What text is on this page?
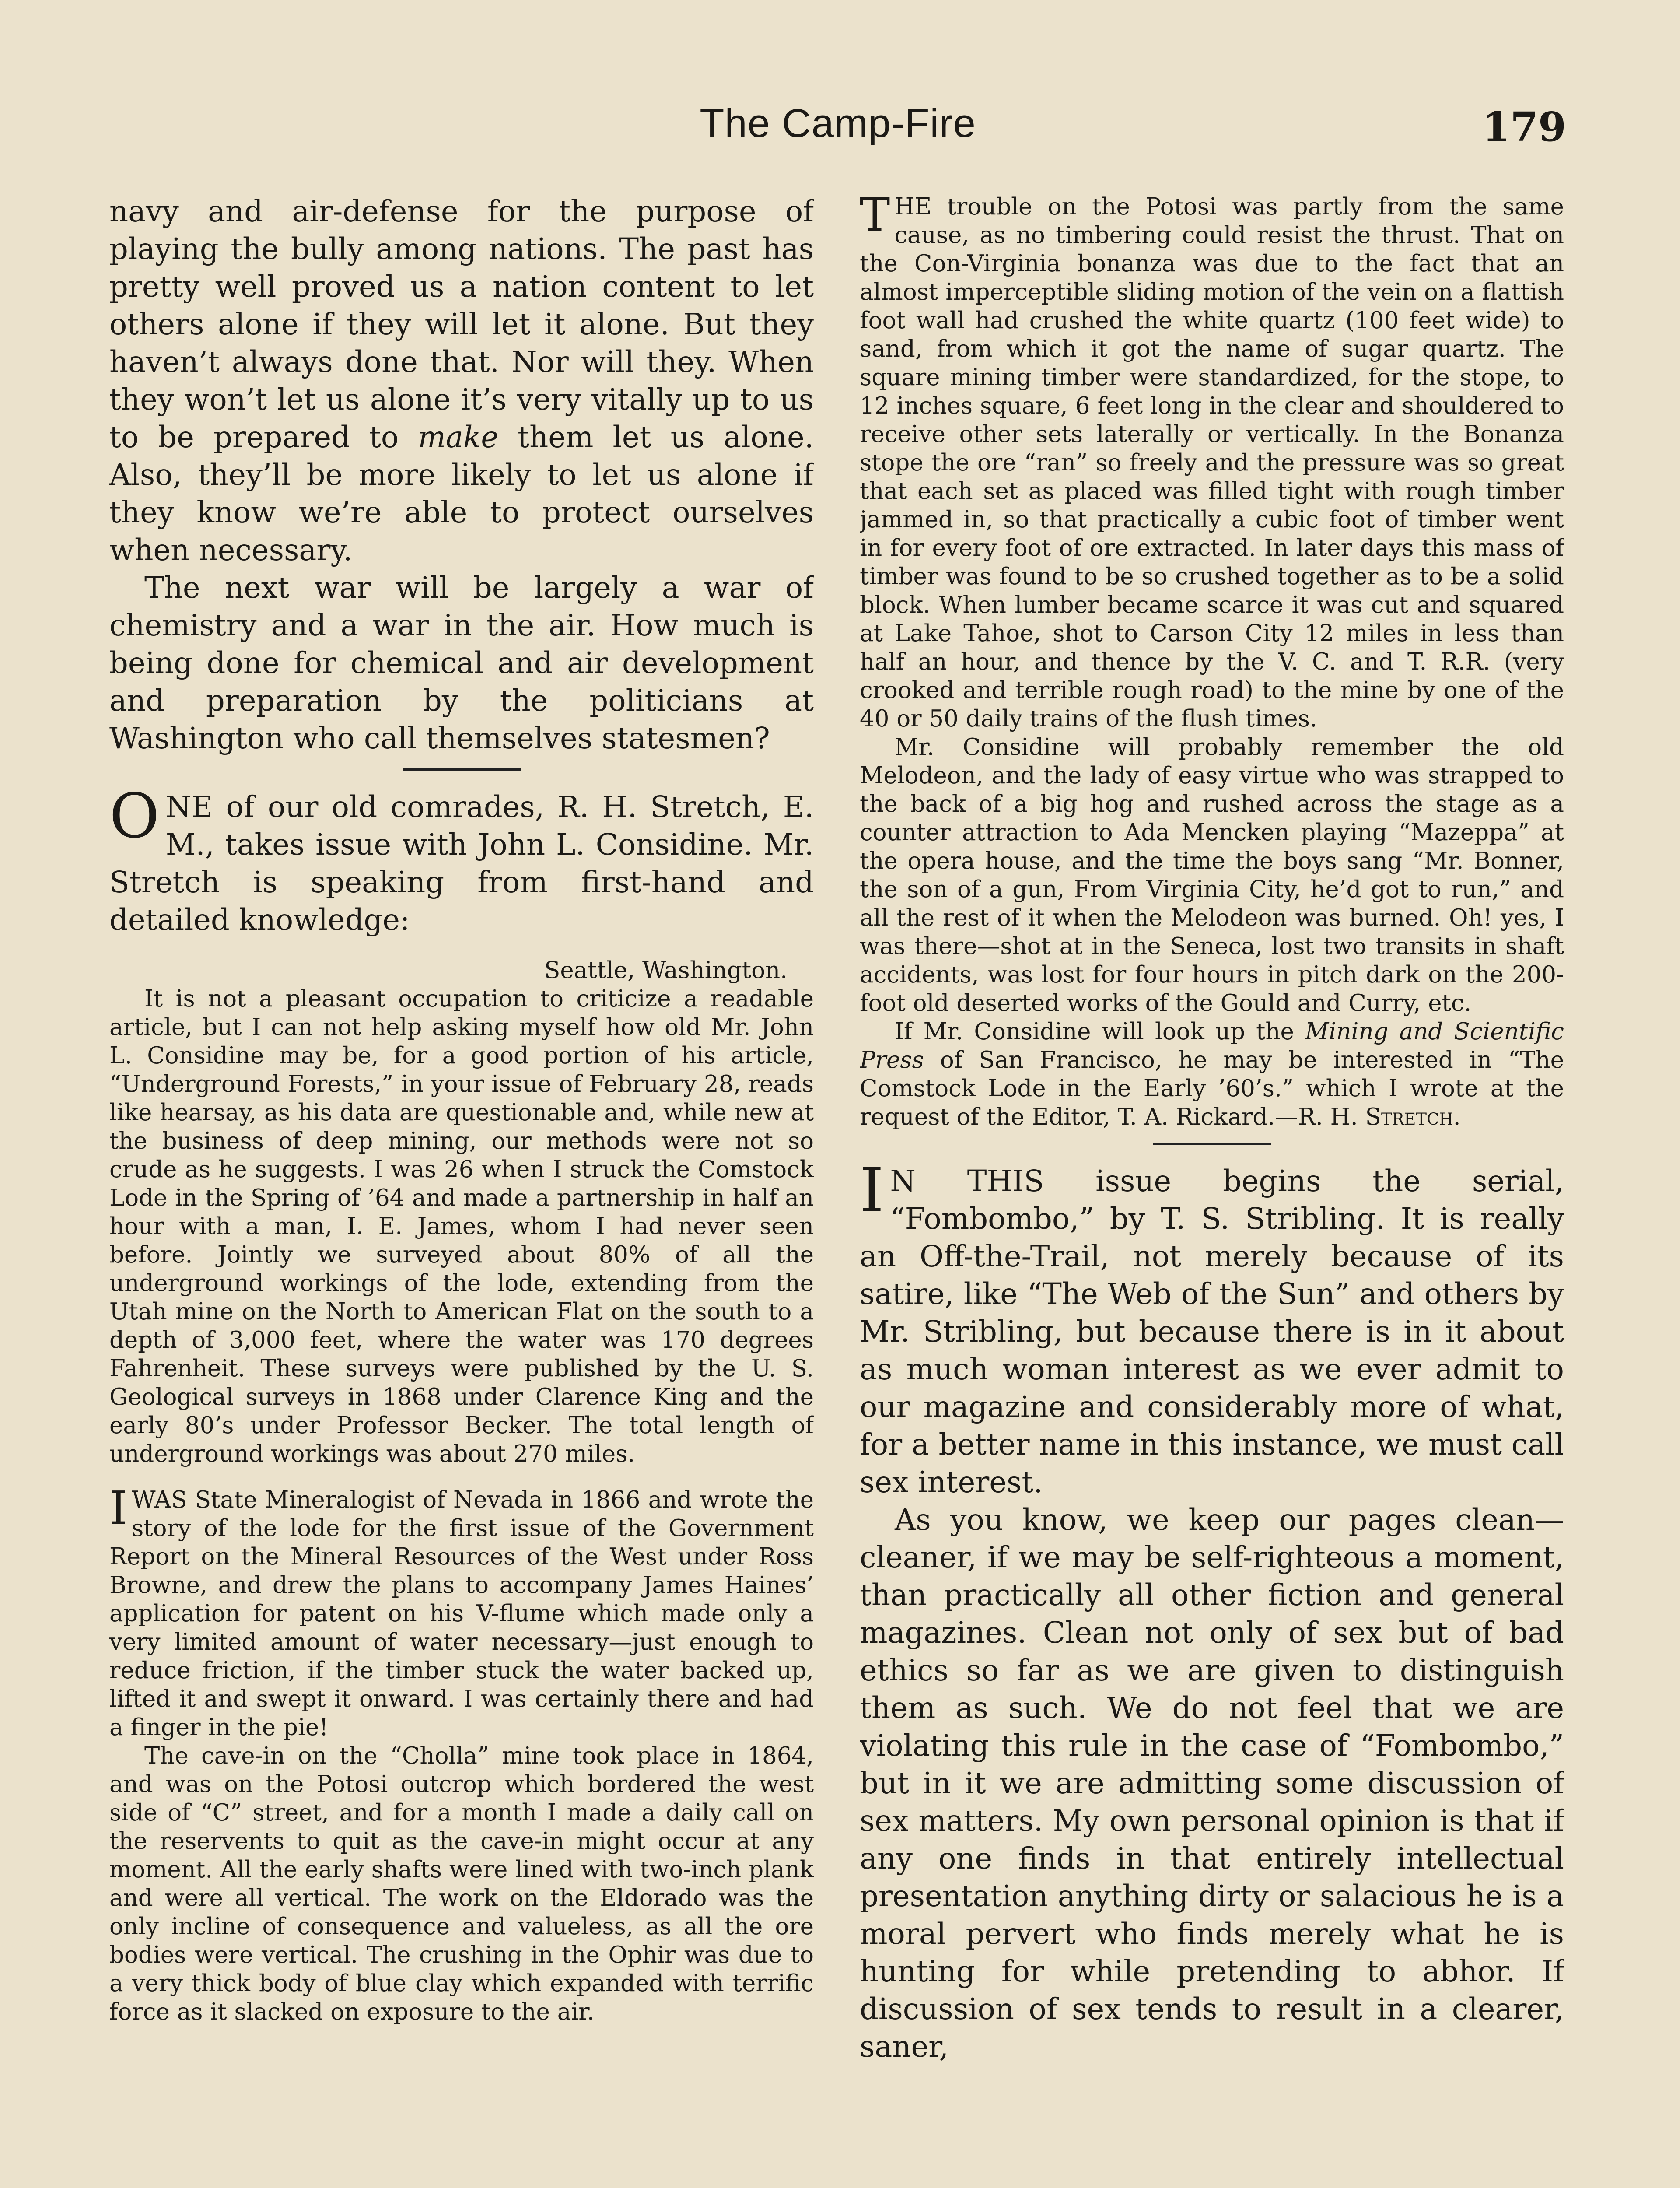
The Camp-Fire	179

navy and air-defense for the purpose of playing the bully among nations. The past has pretty well proved us a nation content to let others alone if they will let it alone. But they haven’t always done that. Nor will they. When they won’t let us alone it’s very vitally up to us to be prepared to make them let us alone. Also, they’ll be more likely to let us alone if they know we’re able to protect ourselves when necessary.

The next war will be largely a war of chemistry and a war in the air. How much is being done for chemical and air development and preparation by the politicians at Washington who call themselves statesmen?

ONE of our old comrades, R. H. Stretch, E. M., takes issue with John L. Considine. Mr. Stretch is speaking from first-hand and detailed knowledge:

Seattle, Washington.

It is not a pleasant occupation to criticize a readable article, but I can not help asking myself how old Mr. John L. Considine may be, for a good portion of his article, “Underground Forests,” in your issue of February 28, reads like hearsay, as his data are questionable and, while new at the business of deep mining, our methods were not so crude as he suggests. I was 26 when I struck the Comstock Lode in the Spring of ’64 and made a partnership in half an hour with a man, I. E. James, whom I had never seen before. Jointly we surveyed about 80% of all the underground workings of the lode, extending from the Utah mine on the North to American Flat on the south to a depth of 3,000 feet, where the water was 170 degrees Fahrenheit. These surveys were published by the U. S. Geological surveys in 1868 under Clarence King and the early 80’s under Professor Becker. The total length of underground workings was about 270 miles.

I WAS State Mineralogist of Nevada in 1866 and wrote the story of the lode for the first issue of the Government Report on the Mineral Resources of the West under Ross Browne, and drew the plans to accompany James Haines’ application for patent on his V-flume which made only a very limited amount of water necessary—just enough to reduce friction, if the timber stuck the water backed up, lifted it and swept it onward. I was certainly there and had a finger in the pie!

The cave-in on the “Cholla” mine took place in 1864, and was on the Potosi outcrop which bordered the west side of “C” street, and for a month I made a daily call on the reservents to quit as the cave-in might occur at any moment. All the early shafts were lined with two-inch plank and were all vertical. The work on the Eldorado was the only incline of consequence and valueless, as all the ore bodies were vertical. The crushing in the Ophir was due to a very thick body of blue clay which expanded with terrific force as it slacked on exposure to the air.

THE trouble on the Potosi was partly from the same cause, as no timbering could resist the thrust. That on the Con-Virginia bonanza was due to the fact that an almost imperceptible sliding motion of the vein on a flattish foot wall had crushed the white quartz (100 feet wide) to sand, from which it got the name of sugar quartz. The square mining timber were standardized, for the stope, to 12 inches square, 6 feet long in the clear and shouldered to receive other sets laterally or vertically. In the Bonanza stope the ore “ran” so freely and the pressure was so great that each set as placed was filled tight with rough timber jammed in, so that practically a cubic foot of timber went in for every foot of ore extracted. In later days this mass of timber was found to be so crushed together as to be a solid block. When lumber became scarce it was cut and squared at Lake Tahoe, shot to Carson City 12 miles in less than half an hour, and thence by the V. C. and T. R.R. (very crooked and terrible rough road) to the mine by one of the 40 or 50 daily trains of the flush times.

Mr. Considine will probably remember the old Melodeon, and the lady of easy virtue who was strapped to the back of a big hog and rushed across the stage as a counter attraction to Ada Mencken playing “Mazeppa” at the opera house, and the time the boys sang “Mr. Bonner, the son of a gun, From Virginia City, he’d got to run,” and all the rest of it when the Melodeon was burned. Oh! yes, I was there—shot at in the Seneca, lost two transits in shaft accidents, was lost for four hours in pitch dark on the 200-foot old deserted works of the Gould and Curry, etc.

If Mr. Considine will look up the Mining and Scientific Press of San Francisco, he may be interested in “The Comstock Lode in the Early ’60’s.” which I wrote at the request of the Editor, T. A. Rickard.—R. H. Stretch.

I N THIS issue begins the serial, “Fombombo,” by T. S. Stribling. It is really an Off-the-Trail, not merely because of its satire, like “The Web of the Sun” and others by Mr. Stribling, but because there is in it about as much woman interest as we ever admit to our magazine and considerably more of what, for a better name in this instance, we must call sex interest.

As you know, we keep our pages clean—cleaner, if we may be self-righteous a moment, than practically all other fiction and general magazines. Clean not only of sex but of bad ethics so far as we are given to distinguish them as such. We do not feel that we are violating this rule in the case of “Fombombo,” but in it we are admitting some discussion of sex matters. My own personal opinion is that if any one finds in that entirely intellectual presentation anything dirty or salacious he is a moral pervert who finds merely what he is hunting for while pretending to abhor. If discussion of sex tends to result in a clearer, saner,
